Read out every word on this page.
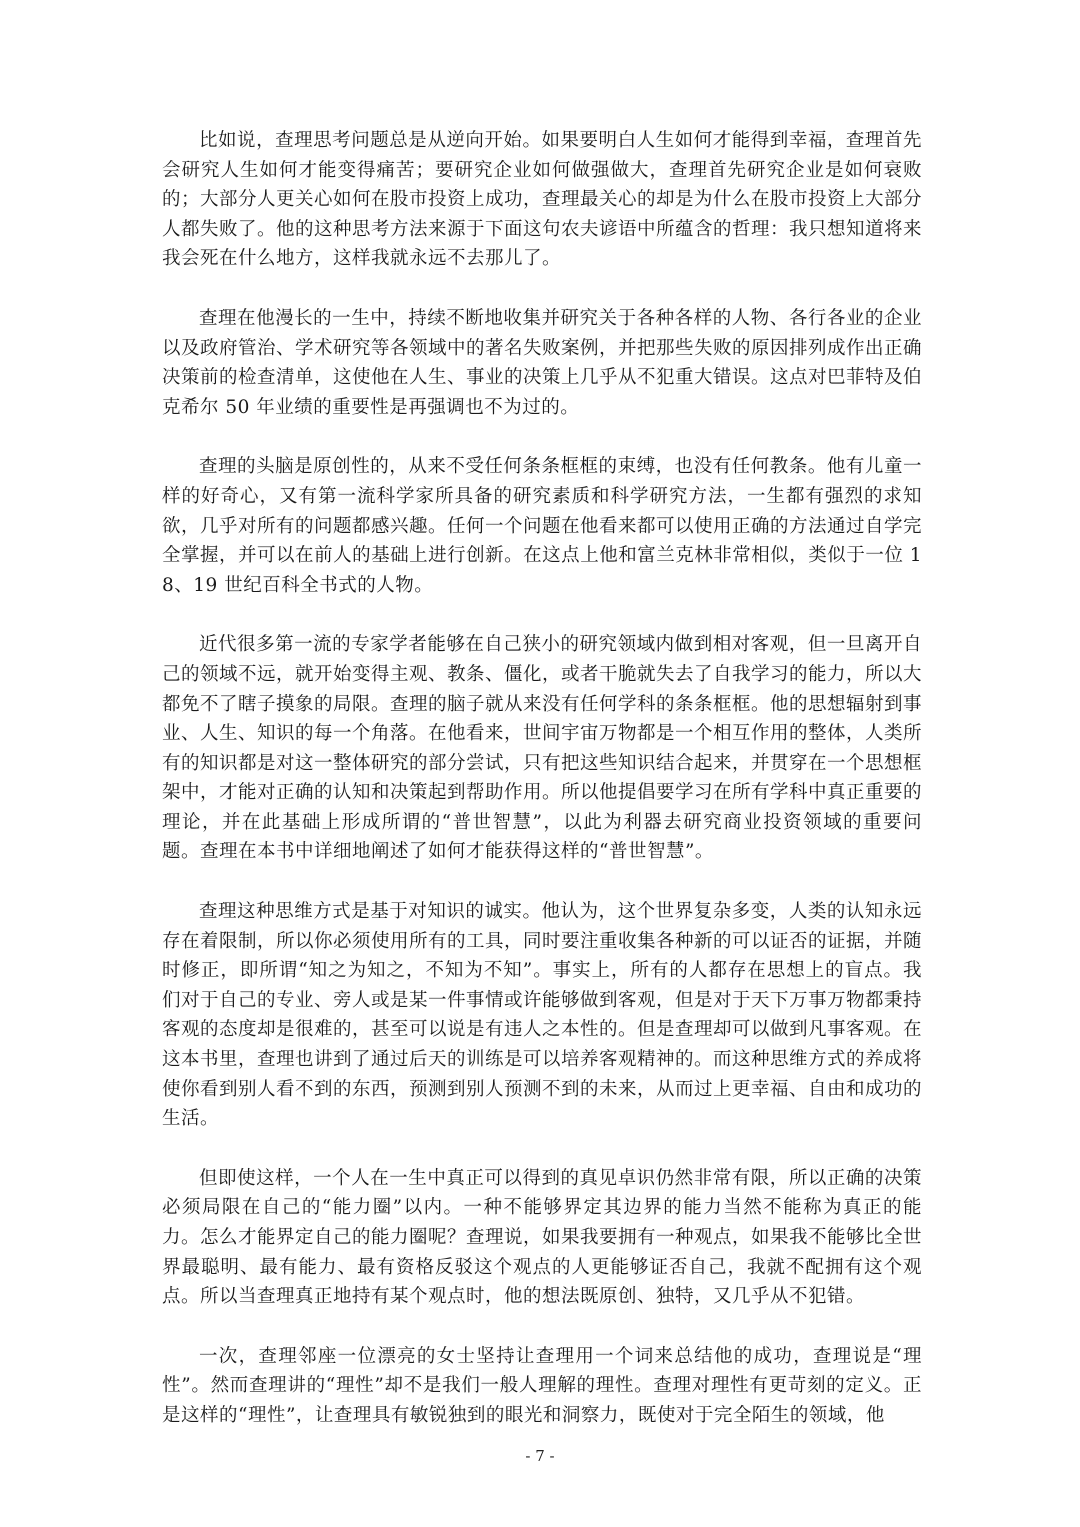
比如说，查理思考问题总是从逆向开始。如果要明白人生如何才能得到幸福，查理首先会研究人生如何才能变得痛苦；要研究企业如何做强做大，查理首先研究企业是如何衰败的；大部分人更关心如何在股市投资上成功，查理最关心的却是为什么在股市投资上大部分人都失败了。他的这种思考方法来源于下面这句农夫谚语中所蕴含的哲理：我只想知道将来我会死在什么地方，这样我就永远不去那儿了。

查理在他漫长的一生中，持续不断地收集并研究关于各种各样的人物、各行各业的企业以及政府管治、学术研究等各领域中的著名失败案例，并把那些失败的原因排列成作出正确决策前的检查清单，这使他在人生、事业的决策上几乎从不犯重大错误。这点对巴菲特及伯克希尔 50 年业绩的重要性是再强调也不为过的。

查理的头脑是原创性的，从来不受任何条条框框的束缚，也没有任何教条。他有儿童一样的好奇心，又有第一流科学家所具备的研究素质和科学研究方法，一生都有强烈的求知欲，几乎对所有的问题都感兴趣。任何一个问题在他看来都可以使用正确的方法通过自学完全掌握，并可以在前人的基础上进行创新。在这点上他和富兰克林非常相似，类似于一位 18、19 世纪百科全书式的人物。

近代很多第一流的专家学者能够在自己狭小的研究领域内做到相对客观，但一旦离开自己的领域不远，就开始变得主观、教条、僵化，或者干脆就失去了自我学习的能力，所以大都免不了瞎子摸象的局限。查理的脑子就从来没有任何学科的条条框框。他的思想辐射到事业、人生、知识的每一个角落。在他看来，世间宇宙万物都是一个相互作用的整体，人类所有的知识都是对这一整体研究的部分尝试，只有把这些知识结合起来，并贯穿在一个思想框架中，才能对正确的认知和决策起到帮助作用。所以他提倡要学习在所有学科中真正重要的理论，并在此基础上形成所谓的“普世智慧”，以此为利器去研究商业投资领域的重要问题。查理在本书中详细地阐述了如何才能获得这样的“普世智慧”。

查理这种思维方式是基于对知识的诚实。他认为，这个世界复杂多变，人类的认知永远存在着限制，所以你必须使用所有的工具，同时要注重收集各种新的可以证否的证据，并随时修正，即所谓“知之为知之，不知为不知”。事实上，所有的人都存在思想上的盲点。我们对于自己的专业、旁人或是某一件事情或许能够做到客观，但是对于天下万事万物都秉持客观的态度却是很难的，甚至可以说是有违人之本性的。但是查理却可以做到凡事客观。在这本书里，查理也讲到了通过后天的训练是可以培养客观精神的。而这种思维方式的养成将使你看到别人看不到的东西，预测到别人预测不到的未来，从而过上更幸福、自由和成功的生活。

但即使这样，一个人在一生中真正可以得到的真见卓识仍然非常有限，所以正确的决策必须局限在自己的“能力圈”以内。一种不能够界定其边界的能力当然不能称为真正的能力。怎么才能界定自己的能力圈呢？查理说，如果我要拥有一种观点，如果我不能够比全世界最聪明、最有能力、最有资格反驳这个观点的人更能够证否自己，我就不配拥有这个观点。所以当查理真正地持有某个观点时，他的想法既原创、独特，又几乎从不犯错。

一次，查理邻座一位漂亮的女士坚持让查理用一个词来总结他的成功，查理说是“理性”。然而查理讲的“理性”却不是我们一般人理解的理性。查理对理性有更苛刻的定义。正是这样的“理性”，让查理具有敏锐独到的眼光和洞察力，既使对于完全陌生的领域，他

- 7 -
